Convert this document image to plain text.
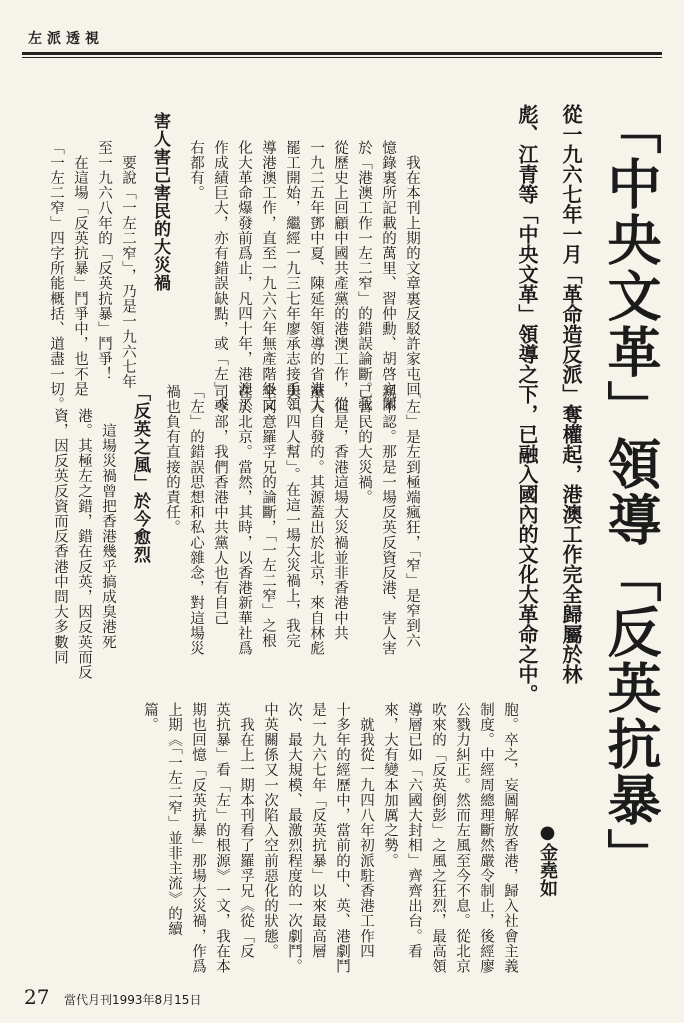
左派透視
「中央文革」領導「反英抗暴」
從一九六七年一月「革命造反派」奪權起，港澳工作完全歸屬於林
彪、江青等「中央文革」領導之下，已融入國內的文化大革命之中。
●金堯如
胞。卒之，妄圖解放香港，歸入社會主義
制度。中經周總理斷然嚴令制止，後經廖
公戮力糾正。然而左風至今不息。從北京
吹來的「反英倒彭」之風之狂烈，最高領
導層已如「六國大封相」齊齊出台。看
來，大有變本加厲之勢。
　就我從一九四八年初派駐香港工作四
十多年的經歷中，當前的中、英、港劇鬥
是一九六七年「反英抗暴」以來最高層
次、最大規模、最激烈程度的一次劇鬥。
中英關係又一次陷入空前惡化的狀態。
　我在上一期本刊看了羅孚兄《從「反
英抗暴」看「左」的根源》一文，我在本
期也回憶「反英抗暴」那場大災禍，作爲
上期《「一左二窄」並非主流》的續
篇。
　我在本刊上期的文章裏反駁許家屯回
憶錄裏所記載的萬里、習仲勳、胡啓立關
於「港澳工作一左二窄」的錯誤論斷。我
從歷史上回顧中國共產黨的港澳工作，從
一九二五年鄧中夏、陳延年領導的省港大
罷工開始，繼經一九三七年廖承志接手領
導港澳工作，直至一九六六年無產階級文
化大革命爆發前爲止，凡四十年，港澳工
作成績巨大，亦有錯誤缺點，或「左」或
右都有。
害人害己害民的大災禍
　要說「一左二窄」，乃是一九六七年
至一九六八年的「反英抗暴」鬥爭！
　在這場「反英抗暴」鬥爭中，也不是
「一左二窄」四字所能概括、道盡一切。
「左」是左到極端瘋狂，「窄」是窄到六
親不認。那是一場反英反資反港、害人害
己害民的大災禍。
　但是，香港這場大災禍並非香港中共
黨人自發的。其源蓋出於北京，來自林彪
與「四人幫」。在這一場大災禍上，我完
全同意羅孚兄的論斷，「一左二窄」之根
在於北京。當然，其時，以香港新華社爲
司令部，我們香港中共黨人也有自己
「左」的錯誤思想和私心雜念，對這場災
禍也負有直接的責任。
「反英之風」於今愈烈
　這場災禍曾把香港幾乎搞成臭港死
港。其極左之錯，錯在反英，因反英而反
資，因反英反資而反香港中問大多數同
27 當代月刊1993年8月15日
